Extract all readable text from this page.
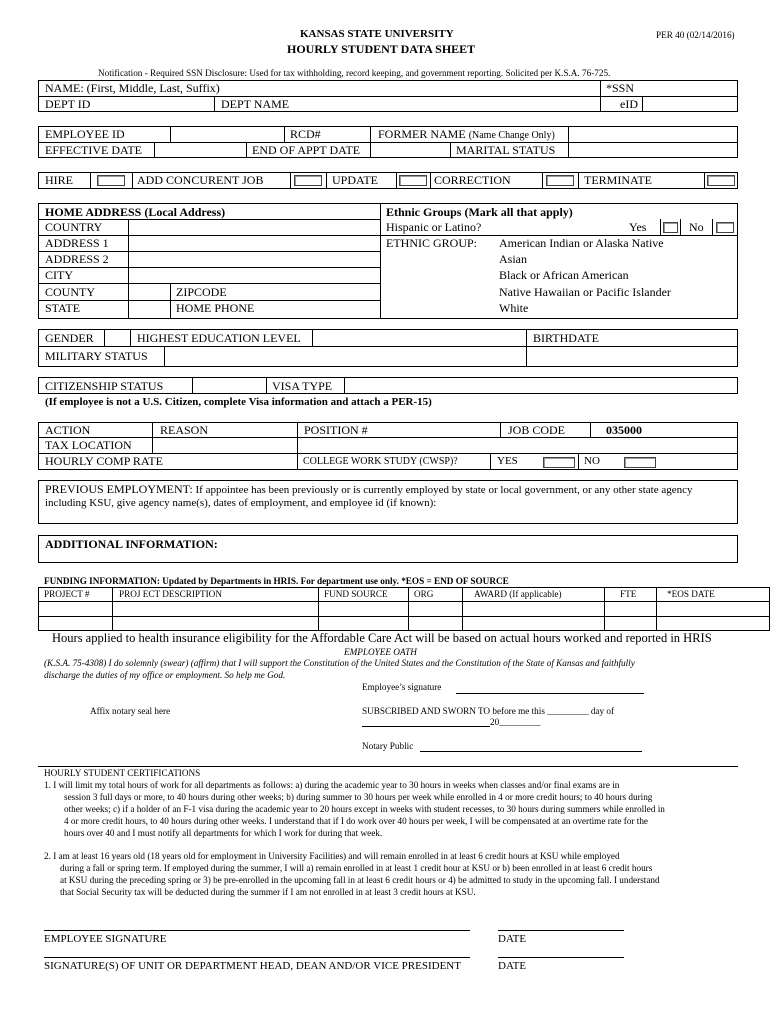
KANSAS STATE UNIVERSITY
HOURLY STUDENT DATA SHEET
PER 40 (02/14/2016)
Notification - Required SSN Disclosure: Used for tax withholding, record keeping, and government reporting. Solicited per K.S.A. 76-725.
NAME: (First, Middle, Last, Suffix)	*SSN
DEPT ID	DEPT NAME	eID
EMPLOYEE ID	RCD#	FORMER NAME (Name Change Only)
EFFECTIVE DATE	END OF APPT DATE	MARITAL STATUS
HIRE	ADD CONCURENT JOB	UPDATE	CORRECTION	TERMINATE
HOME ADDRESS (Local Address)
COUNTRY
ADDRESS 1
ADDRESS 2
CITY
COUNTY	ZIPCODE
STATE	HOME PHONE
Ethnic Groups (Mark all that apply)
Hispanic or Latino?	Yes	No
ETHNIC GROUP: American Indian or Alaska Native
Asian
Black or African American
Native Hawaiian or Pacific Islander
White
GENDER	HIGHEST EDUCATION LEVEL	BIRTHDATE
MILITARY STATUS
CITIZENSHIP STATUS	VISA TYPE
(If employee is not a U.S. Citizen, complete Visa information and attach a PER-15)
ACTION	REASON	POSITION #	JOB CODE	035000
TAX LOCATION
HOURLY COMP RATE	COLLEGE WORK STUDY (CWSP)?	YES	NO
PREVIOUS EMPLOYMENT: If appointee has been previously or is currently employed by state or local government, or any other state agency
including KSU, give agency name(s), dates of employment, and employee id (if known):
ADDITIONAL INFORMATION:
FUNDING INFORMATION: Updated by Departments in HRIS. For department use only. *EOS = END OF SOURCE
PROJECT #	PROJ ECT DESCRIPTION	FUND SOURCE	ORG	AWARD (If applicable)	FTE	*EOS DATE
Hours applied to health insurance eligibility for the Affordable Care Act will be based on actual hours worked and reported in HRIS
EMPLOYEE OATH
(K.S.A. 75-4308) I do solemnly (swear) (affirm) that I will support the Constitution of the United States and the Constitution of the State of Kansas and faithfully
discharge the duties of my office or employment. So help me God.
Employee’s signature
Affix notary seal here	SUBSCRIBED AND SWORN TO before me this _________ day of
20_________
Notary Public
HOURLY STUDENT CERTIFICATIONS
1. I will limit my total hours of work for all departments as follows: a) during the academic year to 30 hours in weeks when classes and/or final exams are in
session 3 full days or more, to 40 hours during other weeks; b) during summer to 30 hours per week while enrolled in 4 or more credit hours; to 40 hours during
other weeks; c) if a holder of an F-1 visa during the academic year to 20 hours except in weeks with student recesses, to 30 hours during summers while enrolled in
4 or more credit hours, to 40 hours during other weeks. I understand that if I do work over 40 hours per week, I will be compensated at an overtime rate for the
hours over 40 and I must notify all departments for which I work for during that week.
2. I am at least 16 years old (18 years old for employment in University Facilities) and will remain enrolled in at least 6 credit hours at KSU while employed
during a fall or spring term. If employed during the summer, I will a) remain enrolled in at least 1 credit hour at KSU or b) been enrolled in at least 6 credit hours
at KSU during the preceding spring or 3) be pre-enrolled in the upcoming fall in at least 6 credit hours or 4) be admitted to study in the upcoming fall. I understand
that Social Security tax will be deducted during the summer if I am not enrolled in at least 3 credit hours at KSU.
EMPLOYEE SIGNATURE	DATE
SIGNATURE(S) OF UNIT OR DEPARTMENT HEAD, DEAN AND/OR VICE PRESIDENT	DATE
